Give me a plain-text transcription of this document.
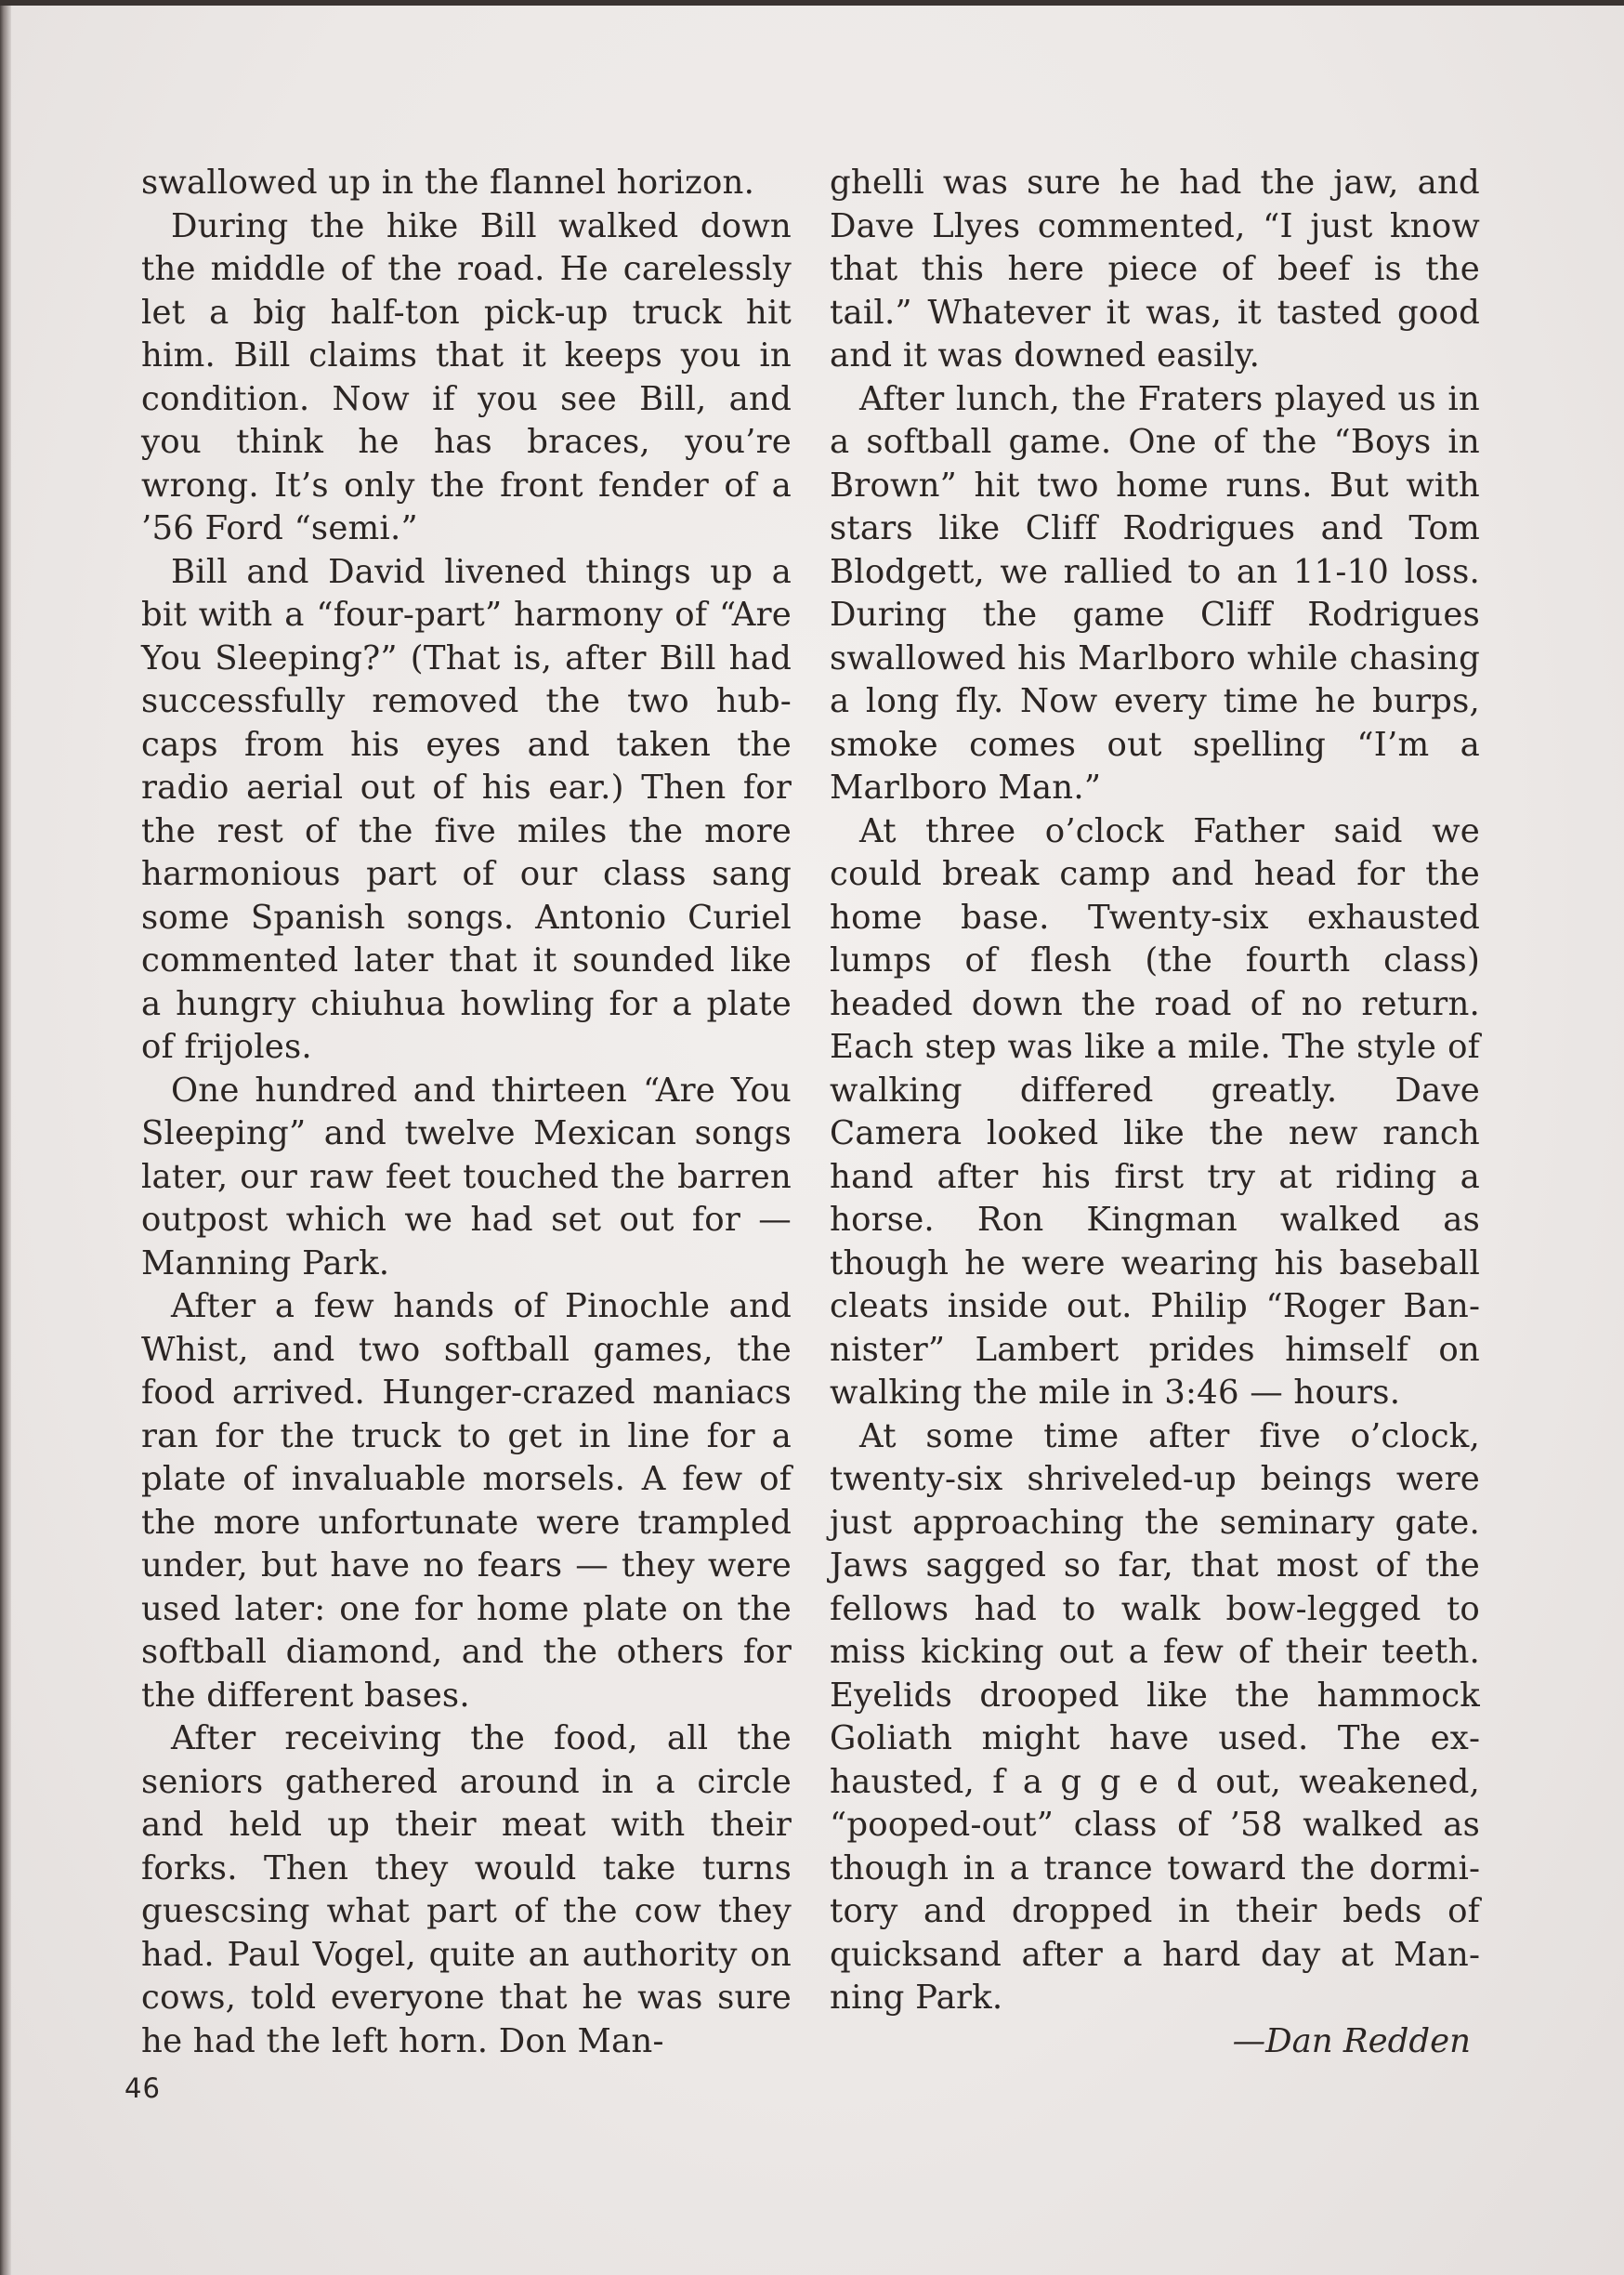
swallowed up in the flannel horizon.

During the hike Bill walked down the middle of the road. He carelessly let a big half-ton pick-up truck hit him. Bill claims that it keeps you in condition. Now if you see Bill, and you think he has braces, you’re wrong. It’s only the front fender of a ’56 Ford “semi.”

Bill and David livened things up a bit with a “four-part” harmony of “Are You Sleeping?” (That is, after Bill had successfully removed the two hub-caps from his eyes and taken the radio aerial out of his ear.) Then for the rest of the five miles the more harmonious part of our class sang some Spanish songs. Antonio Curiel commented later that it sounded like a hungry chiuhua howling for a plate of frijoles.

One hundred and thirteen “Are You Sleeping” and twelve Mexican songs later, our raw feet touched the barren outpost which we had set out for — Manning Park.

After a few hands of Pinochle and Whist, and two softball games, the food arrived. Hunger-crazed maniacs ran for the truck to get in line for a plate of invaluable morsels. A few of the more unfortunate were trampled under, but have no fears — they were used later: one for home plate on the softball diamond, and the others for the different bases.

After receiving the food, all the seniors gathered around in a circle and held up their meat with their forks. Then they would take turns guescsing what part of the cow they had. Paul Vogel, quite an authority on cows, told everyone that he was sure he had the left horn. Don Man-

ghelli was sure he had the jaw, and Dave Llyes commented, “I just know that this here piece of beef is the tail.” Whatever it was, it tasted good and it was downed easily.

After lunch, the Fraters played us in a softball game. One of the “Boys in Brown” hit two home runs. But with stars like Cliff Rodrigues and Tom Blodgett, we rallied to an 11-10 loss. During the game Cliff Rodrigues swallowed his Marlboro while chasing a long fly. Now every time he burps, smoke comes out spelling “I’m a Marlboro Man.”

At three o’clock Father said we could break camp and head for the home base. Twenty-six exhausted lumps of flesh (the fourth class) headed down the road of no return. Each step was like a mile. The style of walking differed greatly. Dave Camera looked like the new ranch hand after his first try at riding a horse. Ron Kingman walked as though he were wearing his baseball cleats inside out. Philip “Roger Bannister” Lambert prides himself on walking the mile in 3:46 — hours.

At some time after five o’clock, twenty-six shriveled-up beings were just approaching the seminary gate. Jaws sagged so far, that most of the fellows had to walk bow-legged to miss kicking out a few of their teeth. Eyelids drooped like the hammock Goliath might have used. The exhausted, f a g g e d out, weakened, “pooped-out” class of ’58 walked as though in a trance toward the dormitory and dropped in their beds of quicksand after a hard day at Manning Park.

—Dan Redden

46
